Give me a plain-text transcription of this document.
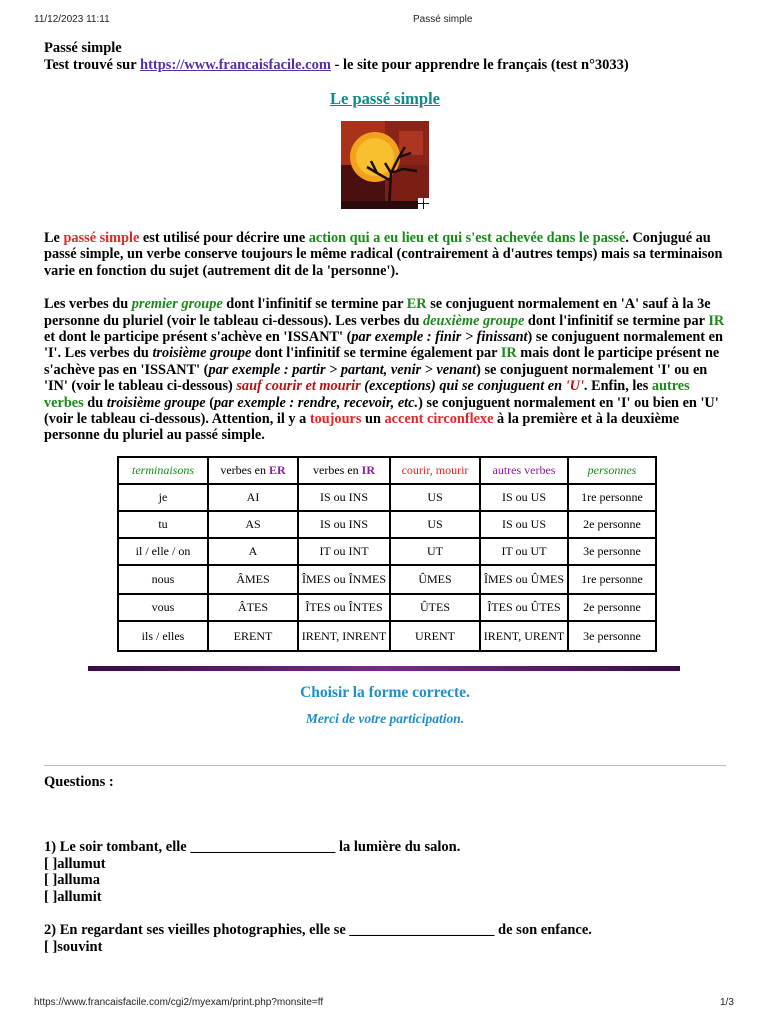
11/12/2023 11:11	Passé simple
Passé simple
Test trouvé sur https://www.francaisfacile.com - le site pour apprendre le français (test n°3033)
Le passé simple

Le passé simple est utilisé pour décrire une action qui a eu lieu et qui s'est achevée dans le passé. Conjugué au passé simple, un verbe conserve toujours le même radical (contrairement à d'autres temps) mais sa terminaison varie en fonction du sujet (autrement dit de la 'personne').

Les verbes du premier groupe dont l'infinitif se termine par ER se conjuguent normalement en 'A' sauf à la 3e personne du pluriel (voir le tableau ci-dessous). Les verbes du deuxième groupe dont l'infinitif se termine par IR et dont le participe présent s'achève en 'ISSANT' (par exemple : finir > finissant) se conjuguent normalement en 'I'. Les verbes du troisième groupe dont l'infinitif se termine également par IR mais dont le participe présent ne s'achève pas en 'ISSANT' (par exemple : partir > partant, venir > venant) se conjuguent normalement 'I' ou en 'IN' (voir le tableau ci-dessous) sauf courir et mourir (exceptions) qui se conjuguent en 'U'. Enfin, les autres verbes du troisième groupe (par exemple : rendre, recevoir, etc.) se conjuguent normalement en 'I' ou bien en 'U' (voir le tableau ci-dessous). Attention, il y a toujours un accent circonflexe à la première et à la deuxième personne du pluriel au passé simple.

terminaisons	verbes en ER	verbes en IR	courir, mourir	autres verbes	personnes
je	AI	IS ou INS	US	IS ou US	1re personne
tu	AS	IS ou INS	US	IS ou US	2e personne
il / elle / on	A	IT ou INT	UT	IT ou UT	3e personne
nous	ÂMES	ÎMES ou ÎNMES	ÛMES	ÎMES ou ÛMES	1re personne
vous	ÂTES	ÎTES ou ÎNTES	ÛTES	ÎTES ou ÛTES	2e personne
ils / elles	ERENT	IRENT, INRENT	URENT	IRENT, URENT	3e personne
Choisir la forme correcte.
Merci de votre participation.
Questions :
1) Le soir tombant, elle ____________________ la lumière du salon.
[ ]allumut
[ ]alluma
[ ]allumit
2) En regardant ses vieilles photographies, elle se ____________________ de son enfance.
[ ]souvint
https://www.francaisfacile.com/cgi2/myexam/print.php?monsite=ff	1/3
